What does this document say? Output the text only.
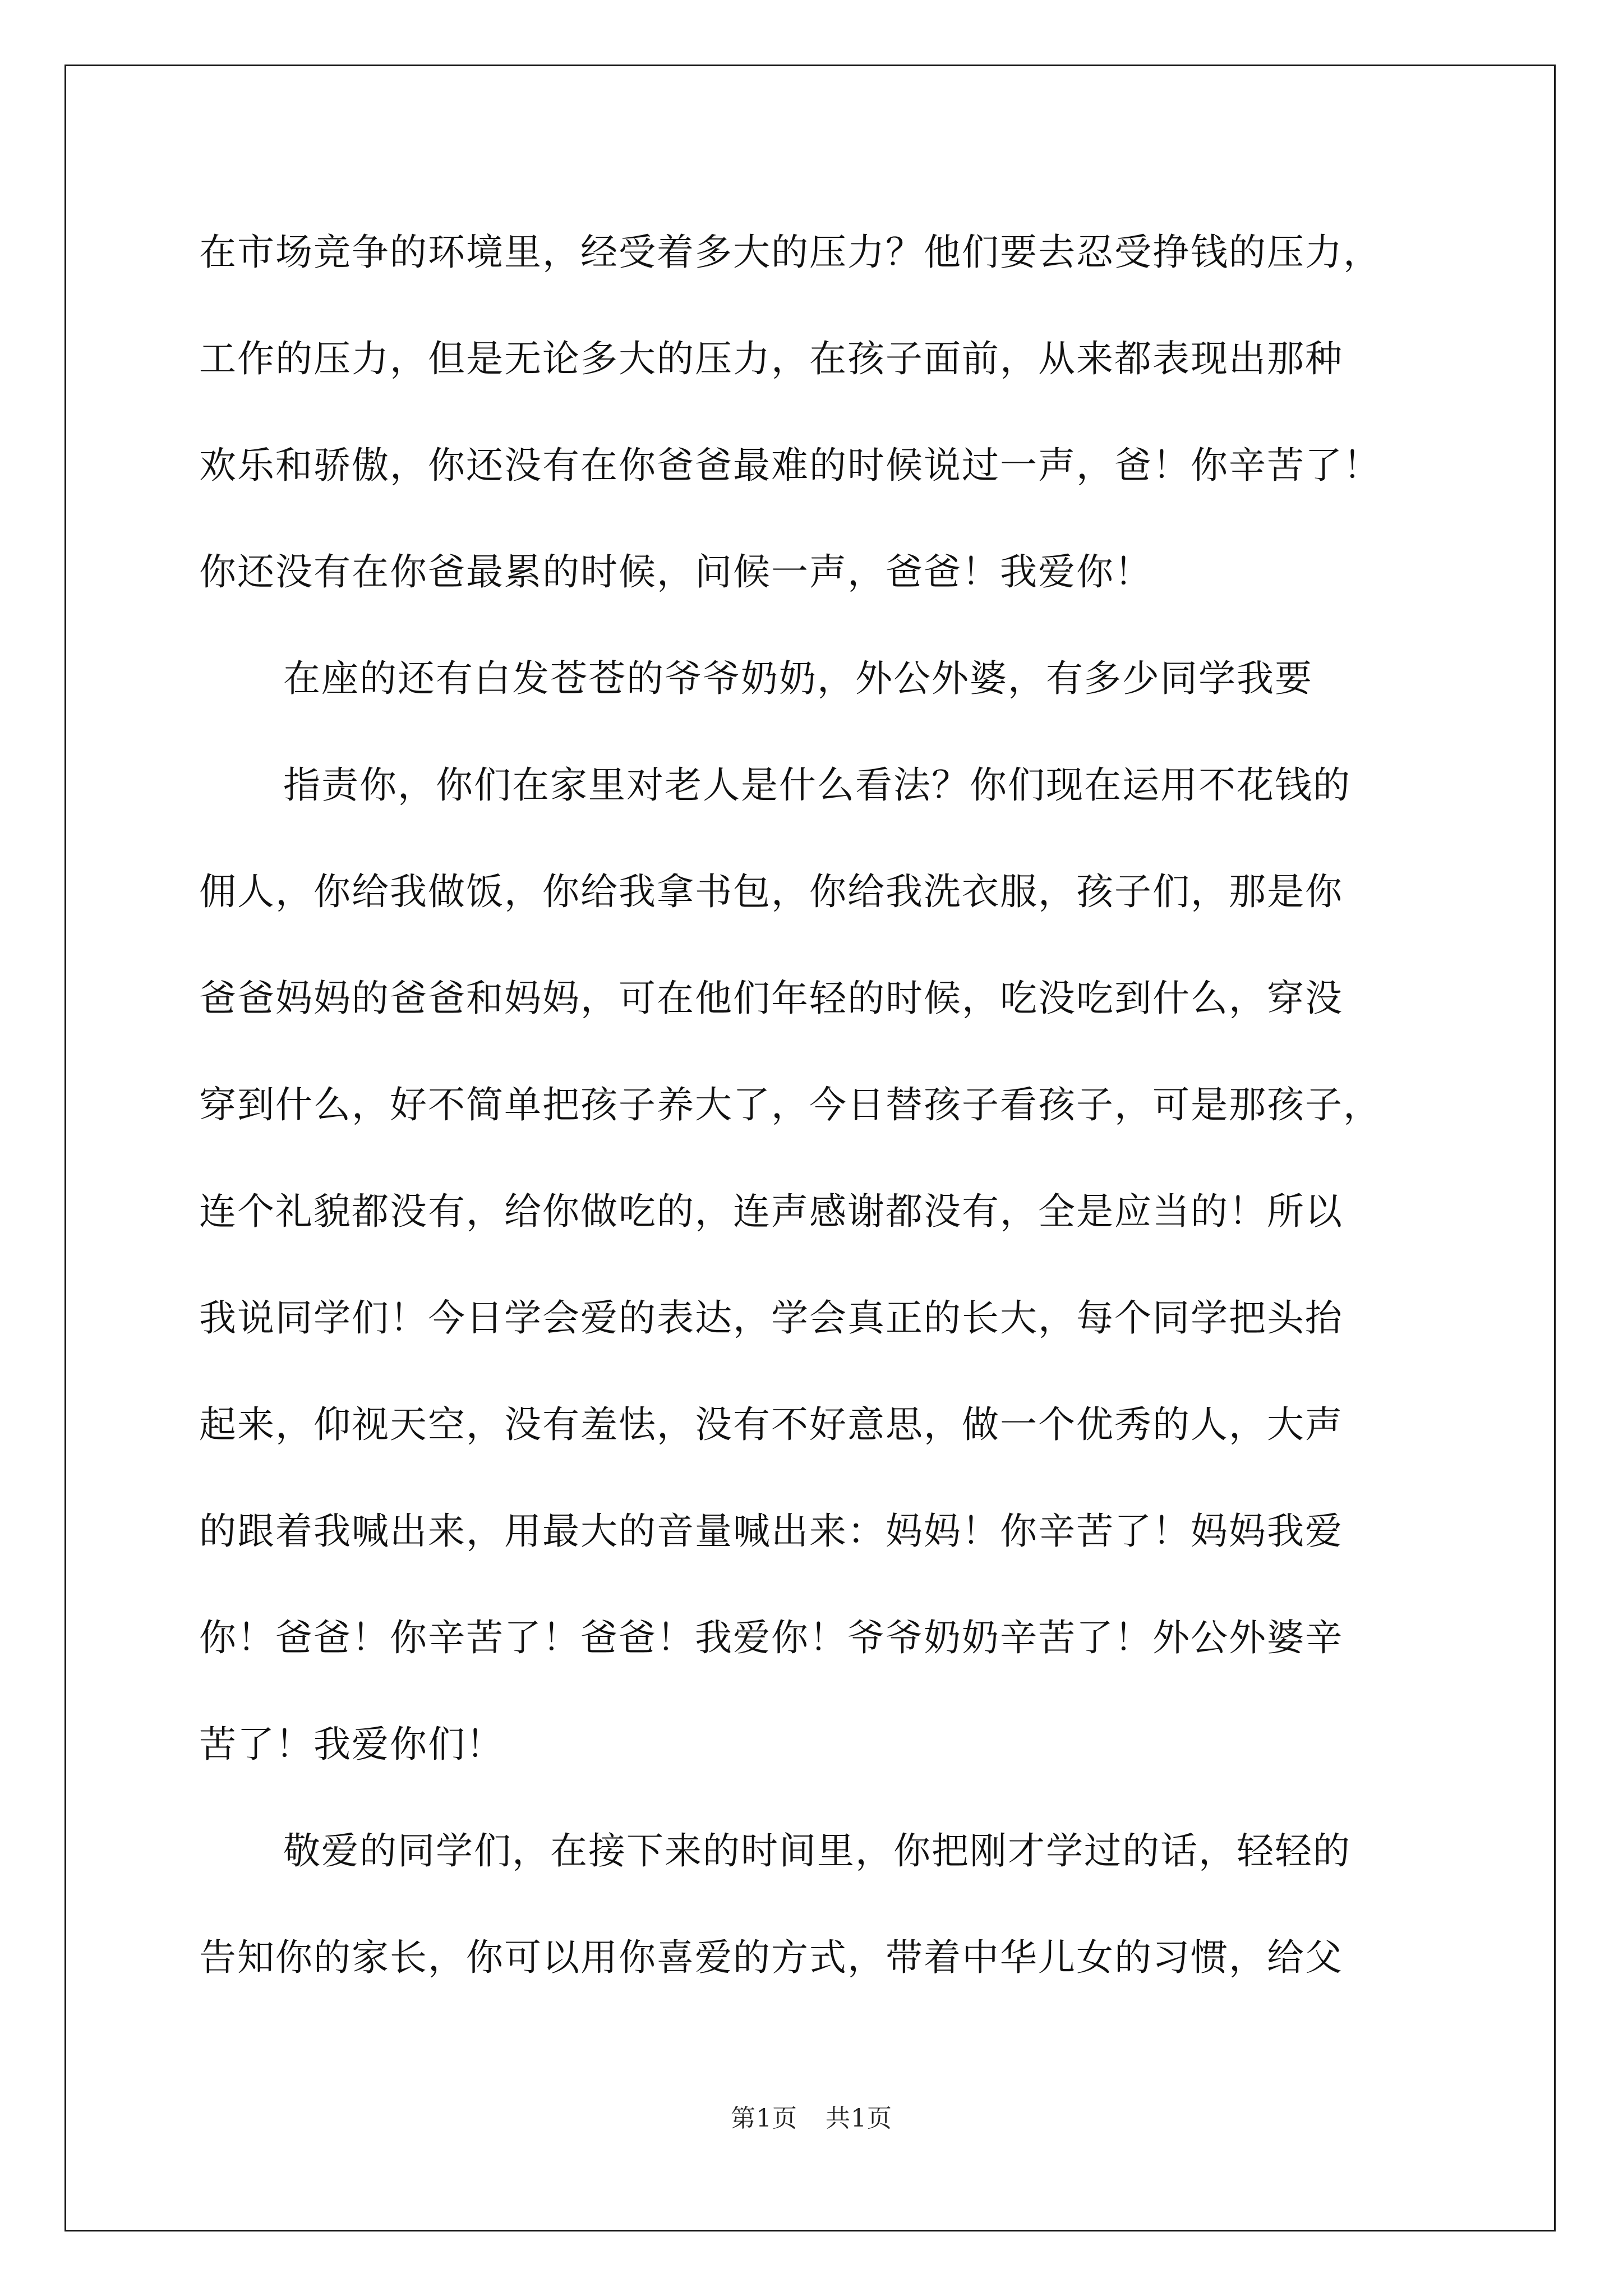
在市场竞争的环境里，经受着多大的压力？他们要去忍受挣钱的压力，
工作的压力，但是无论多大的压力，在孩子面前，从来都表现出那种
欢乐和骄傲，你还没有在你爸爸最难的时候说过一声，爸！你辛苦了！
你还没有在你爸最累的时候，问候一声，爸爸！我爱你！
在座的还有白发苍苍的爷爷奶奶，外公外婆，有多少同学我要
指责你，你们在家里对老人是什么看法？你们现在运用不花钱的
佣人，你给我做饭，你给我拿书包，你给我洗衣服，孩子们，那是你
爸爸妈妈的爸爸和妈妈，可在他们年轻的时候，吃没吃到什么，穿没
穿到什么，好不简单把孩子养大了，今日替孩子看孩子，可是那孩子，
连个礼貌都没有，给你做吃的，连声感谢都没有，全是应当的！所以
我说同学们！今日学会爱的表达，学会真正的长大，每个同学把头抬
起来，仰视天空，没有羞怯，没有不好意思，做一个优秀的人，大声
的跟着我喊出来，用最大的音量喊出来：妈妈！你辛苦了！妈妈我爱
你！爸爸！你辛苦了！爸爸！我爱你！爷爷奶奶辛苦了！外公外婆辛
苦了！我爱你们！
敬爱的同学们，在接下来的时间里，你把刚才学过的话，轻轻的
告知你的家长，你可以用你喜爱的方式，带着中华儿女的习惯，给父
第1页 共1页
